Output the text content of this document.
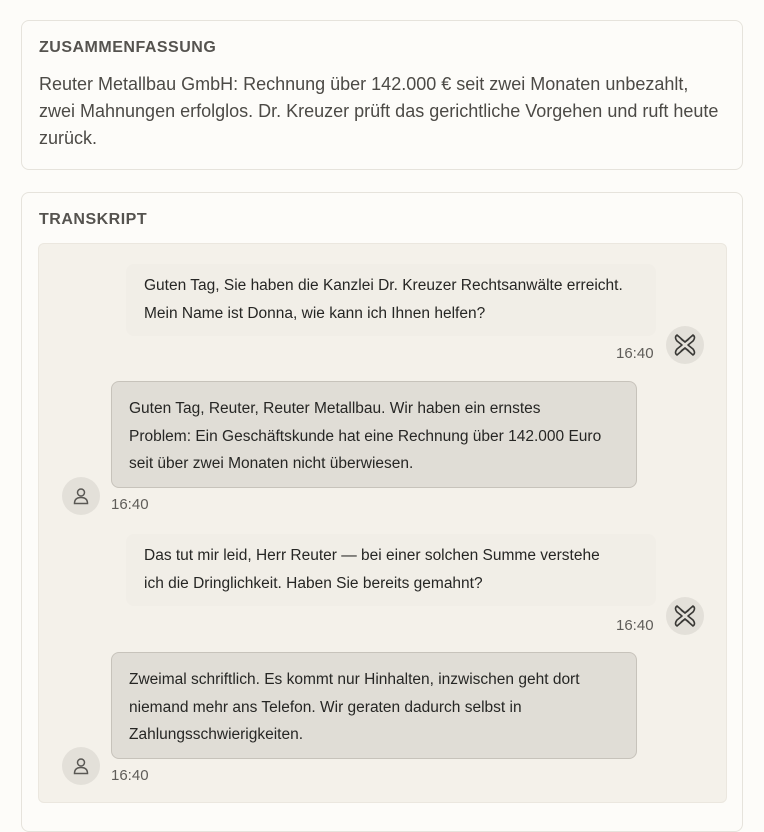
ZUSAMMENFASSUNG
Reuter Metallbau GmbH: Rechnung über 142.000 € seit zwei Monaten unbezahlt, zwei Mahnungen erfolglos. Dr. Kreuzer prüft das gerichtliche Vorgehen und ruft heute zurück.
TRANSKRIPT
Guten Tag, Sie haben die Kanzlei Dr. Kreuzer Rechtsanwälte erreicht.
Mein Name ist Donna, wie kann ich Ihnen helfen?
16:40
Guten Tag, Reuter, Reuter Metallbau. Wir haben ein ernstes
Problem: Ein Geschäftskunde hat eine Rechnung über 142.000 Euro
seit über zwei Monaten nicht überwiesen.
16:40
Das tut mir leid, Herr Reuter — bei einer solchen Summe verstehe
ich die Dringlichkeit. Haben Sie bereits gemahnt?
16:40
Zweimal schriftlich. Es kommt nur Hinhalten, inzwischen geht dort
niemand mehr ans Telefon. Wir geraten dadurch selbst in
Zahlungsschwierigkeiten.
16:40
